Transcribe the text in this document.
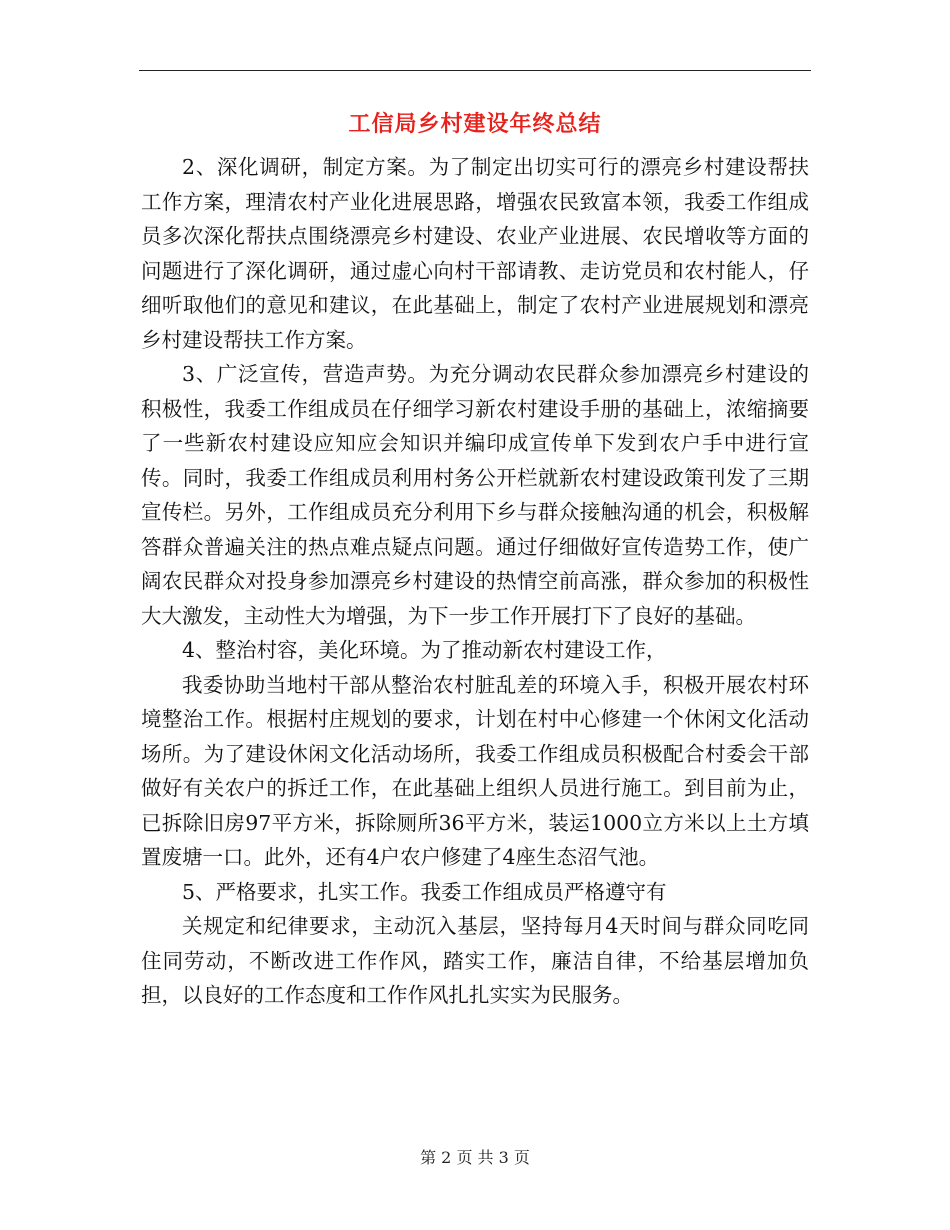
工信局乡村建设年终总结

2、深化调研，制定方案。为了制定出切实可行的漂亮乡村建设帮扶工作方案，理清农村产业化进展思路，增强农民致富本领，我委工作组成员多次深化帮扶点围绕漂亮乡村建设、农业产业进展、农民增收等方面的问题进行了深化调研，通过虚心向村干部请教、走访党员和农村能人，仔细听取他们的意见和建议，在此基础上，制定了农村产业进展规划和漂亮乡村建设帮扶工作方案。

3、广泛宣传，营造声势。为充分调动农民群众参加漂亮乡村建设的积极性，我委工作组成员在仔细学习新农村建设手册的基础上，浓缩摘要了一些新农村建设应知应会知识并编印成宣传单下发到农户手中进行宣传。同时，我委工作组成员利用村务公开栏就新农村建设政策刊发了三期宣传栏。另外，工作组成员充分利用下乡与群众接触沟通的机会，积极解答群众普遍关注的热点难点疑点问题。通过仔细做好宣传造势工作，使广阔农民群众对投身参加漂亮乡村建设的热情空前高涨，群众参加的积极性大大激发，主动性大为增强，为下一步工作开展打下了良好的基础。

4、整治村容，美化环境。为了推动新农村建设工作，

我委协助当地村干部从整治农村脏乱差的环境入手，积极开展农村环境整治工作。根据村庄规划的要求，计划在村中心修建一个休闲文化活动场所。为了建设休闲文化活动场所，我委工作组成员积极配合村委会干部做好有关农户的拆迁工作，在此基础上组织人员进行施工。到目前为止，已拆除旧房97平方米，拆除厕所36平方米，装运1000立方米以上土方填置废塘一口。此外，还有4户农户修建了4座生态沼气池。

5、严格要求，扎实工作。我委工作组成员严格遵守有

关规定和纪律要求，主动沉入基层，坚持每月4天时间与群众同吃同住同劳动，不断改进工作作风，踏实工作，廉洁自律，不给基层增加负担，以良好的工作态度和工作作风扎扎实实为民服务。

第 2 页 共 3 页
